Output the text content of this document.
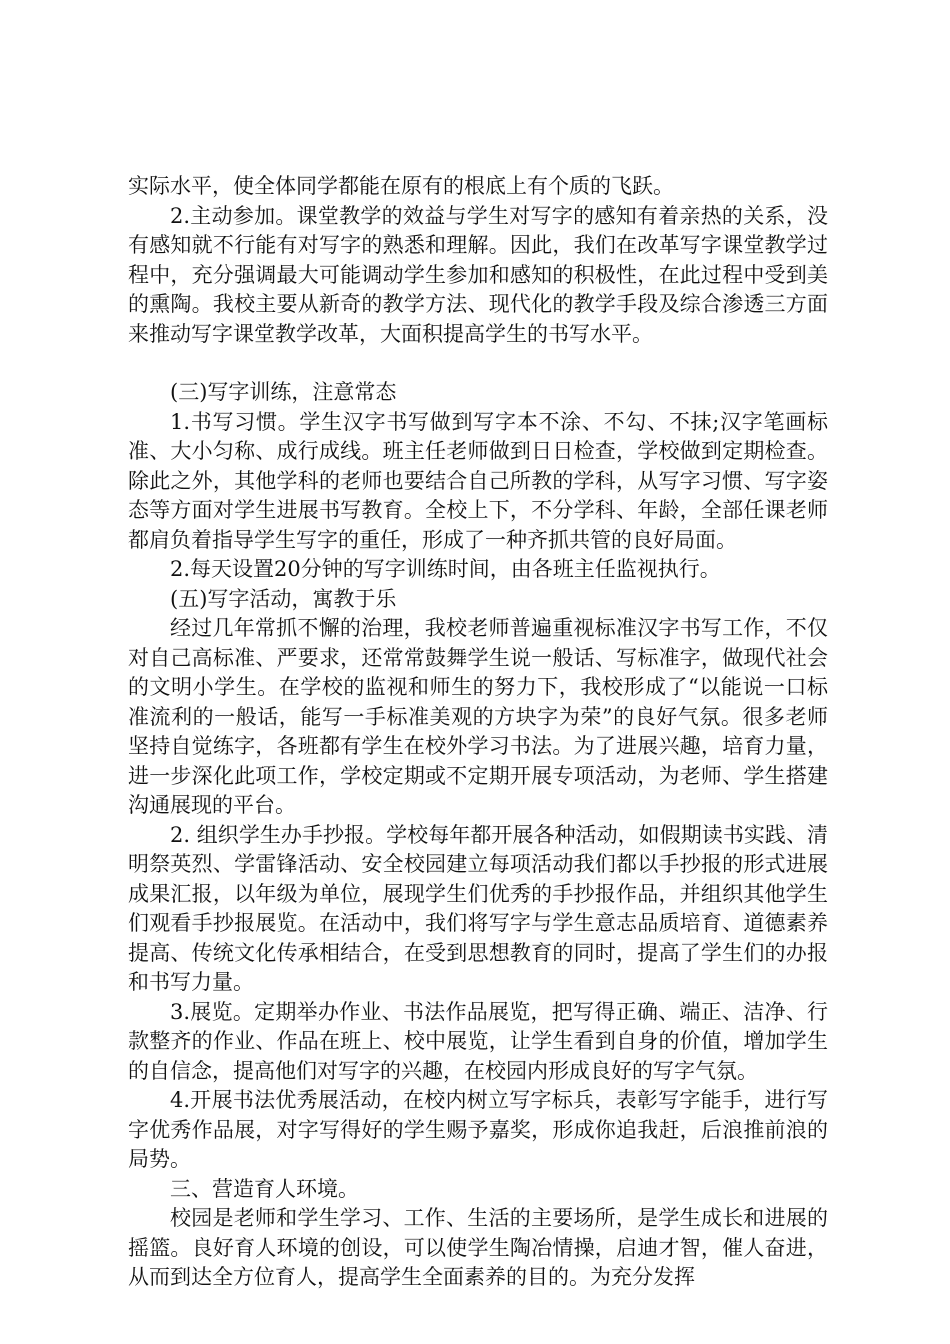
实际水平，使全体同学都能在原有的根底上有个质的飞跃。

2.主动参加。课堂教学的效益与学生对写字的感知有着亲热的关系，没有感知就不行能有对写字的熟悉和理解。因此，我们在改革写字课堂教学过程中，充分强调最大可能调动学生参加和感知的积极性，在此过程中受到美的熏陶。我校主要从新奇的教学方法、现代化的教学手段及综合渗透三方面来推动写字课堂教学改革，大面积提高学生的书写水平。

(三)写字训练，注意常态

1.书写习惯。学生汉字书写做到写字本不涂、不勾、不抹;汉字笔画标准、大小匀称、成行成线。班主任老师做到日日检查，学校做到定期检查。除此之外，其他学科的老师也要结合自己所教的学科，从写字习惯、写字姿态等方面对学生进展书写教育。全校上下，不分学科、年龄，全部任课老师都肩负着指导学生写字的重任，形成了一种齐抓共管的良好局面。

2.每天设置20分钟的写字训练时间，由各班主任监视执行。

(五)写字活动，寓教于乐

经过几年常抓不懈的治理，我校老师普遍重视标准汉字书写工作，不仅对自己高标准、严要求，还常常鼓舞学生说一般话、写标准字，做现代社会的文明小学生。在学校的监视和师生的努力下，我校形成了“以能说一口标准流利的一般话，能写一手标准美观的方块字为荣”的良好气氛。很多老师坚持自觉练字，各班都有学生在校外学习书法。为了进展兴趣，培育力量，进一步深化此项工作，学校定期或不定期开展专项活动，为老师、学生搭建沟通展现的平台。

2. 组织学生办手抄报。学校每年都开展各种活动，如假期读书实践、清明祭英烈、学雷锋活动、安全校园建立每项活动我们都以手抄报的形式进展成果汇报，以年级为单位，展现学生们优秀的手抄报作品，并组织其他学生们观看手抄报展览。在活动中，我们将写字与学生意志品质培育、道德素养提高、传统文化传承相结合，在受到思想教育的同时，提高了学生们的办报和书写力量。

3.展览。定期举办作业、书法作品展览，把写得正确、端正、洁净、行款整齐的作业、作品在班上、校中展览，让学生看到自身的价值，增加学生的自信念，提高他们对写字的兴趣，在校园内形成良好的写字气氛。

4.开展书法优秀展活动，在校内树立写字标兵，表彰写字能手，进行写字优秀作品展，对字写得好的学生赐予嘉奖，形成你追我赶，后浪推前浪的局势。

三、营造育人环境。

校园是老师和学生学习、工作、生活的主要场所，是学生成长和进展的摇篮。良好育人环境的创设，可以使学生陶冶情操，启迪才智，催人奋进，从而到达全方位育人，提高学生全面素养的目的。为充分发挥
